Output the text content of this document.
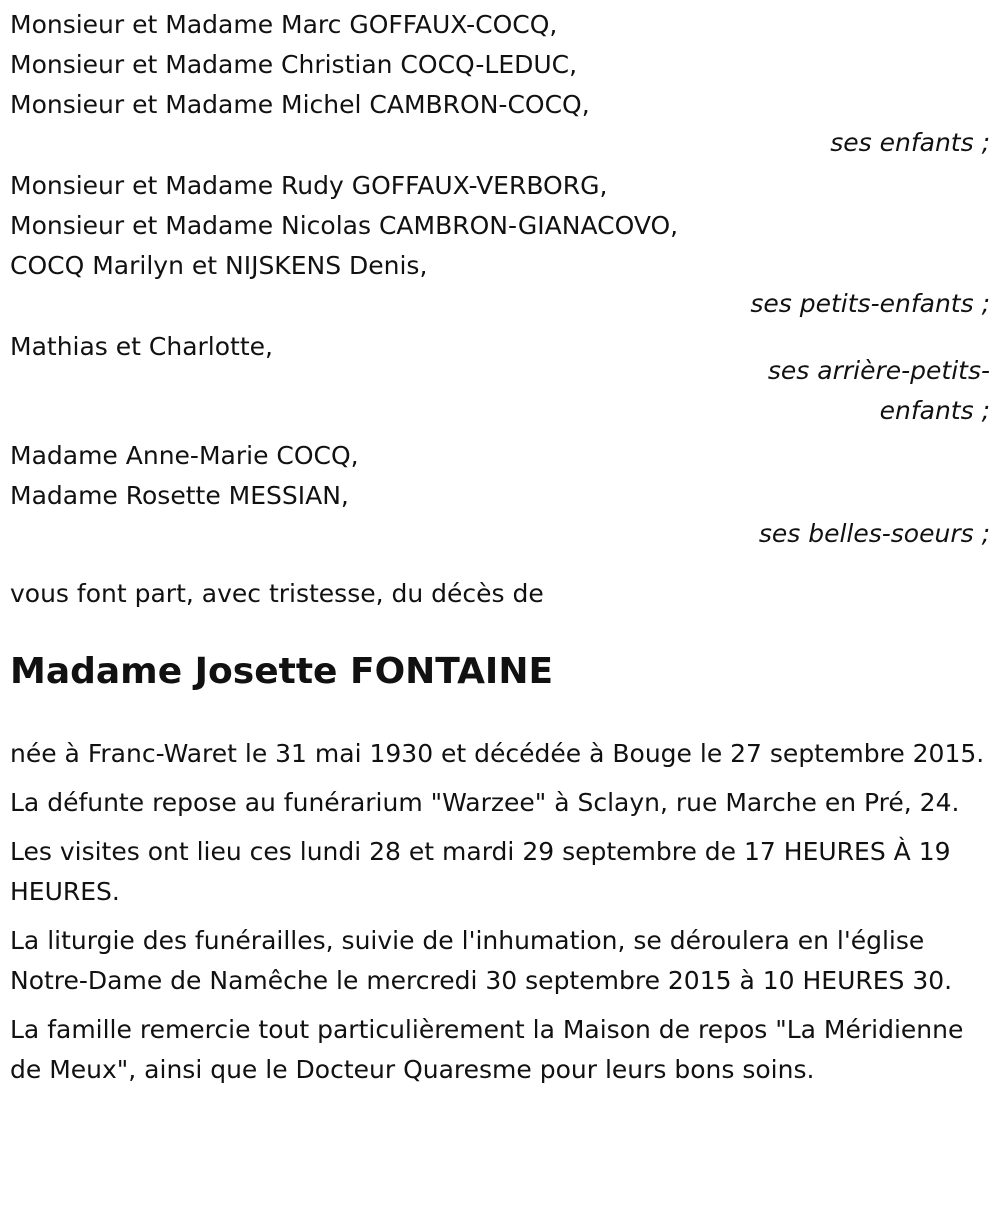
Monsieur et Madame Marc GOFFAUX-COCQ,
Monsieur et Madame Christian COCQ-LEDUC,
Monsieur et Madame Michel CAMBRON-COCQ,
ses enfants ;
Monsieur et Madame Rudy GOFFAUX-VERBORG,
Monsieur et Madame Nicolas CAMBRON-GIANACOVO,
COCQ Marilyn et NIJSKENS Denis,
ses petits-enfants ;
Mathias et Charlotte,
ses arrière-petits-enfants ;
Madame Anne-Marie COCQ,
Madame Rosette MESSIAN,
ses belles-soeurs ;
vous font part, avec tristesse, du décès de
Madame Josette FONTAINE
née à Franc-Waret le 31 mai 1930 et décédée à Bouge le 27 septembre 2015.
La défunte repose au funérarium "Warzee" à Sclayn, rue Marche en Pré, 24.
Les visites ont lieu ces lundi 28 et mardi 29 septembre de 17 HEURES À 19 HEURES.
La liturgie des funérailles, suivie de l'inhumation, se déroulera en l'église Notre-Dame de Namêche le mercredi 30 septembre 2015 à 10 HEURES 30.
La famille remercie tout particulièrement la Maison de repos "La Méridienne de Meux", ainsi que le Docteur Quaresme pour leurs bons soins.
